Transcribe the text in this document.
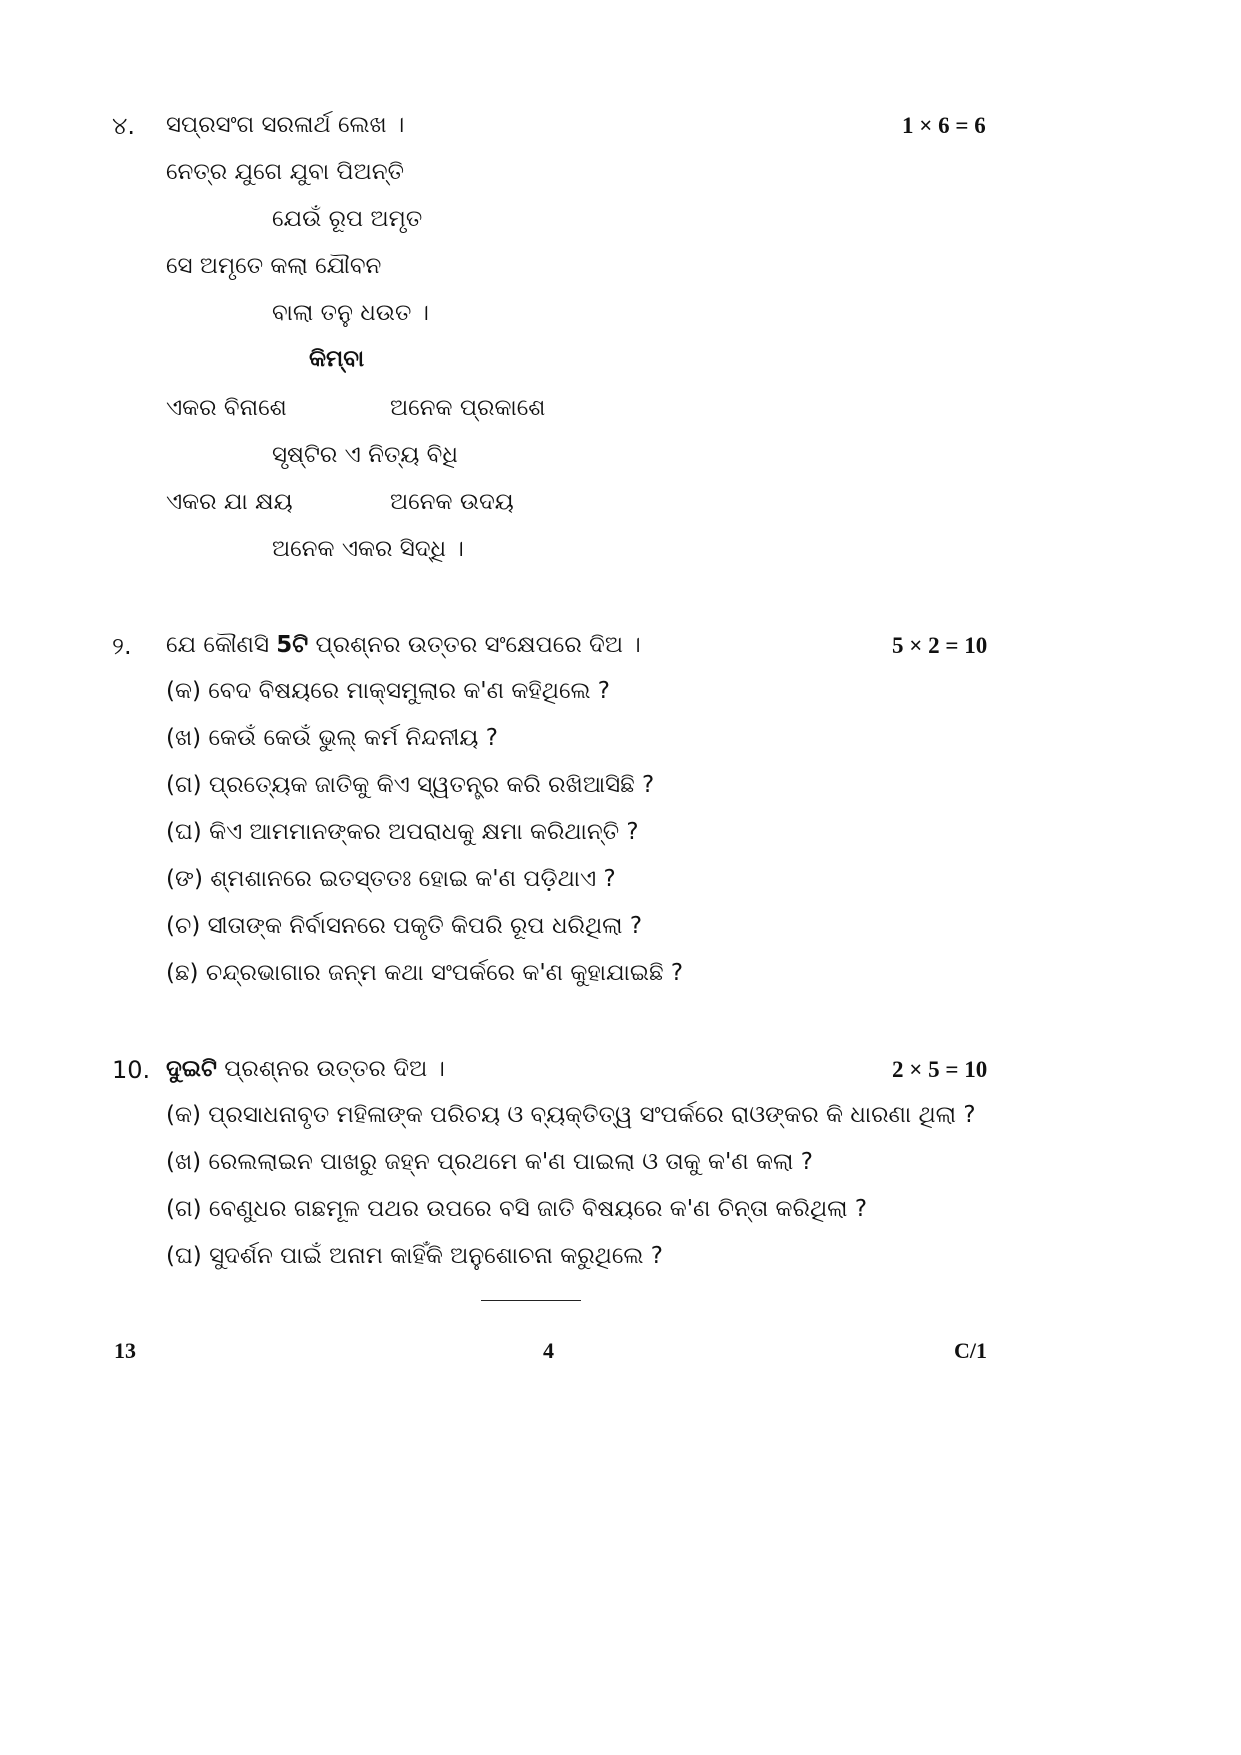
୪. ସପ୍ରସଂଗ ସରଳାର୍ଥ ଲେଖ ।	1 × 6 = 6
ନେତ୍ର ଯୁଗେ ଯୁବା ପିଅନ୍ତି
ଯେଉଁ ରୂପ ଅମୃତ
ସେ ଅମୃତେ କଲା ଯୌବନ
ବାଲା ତନୁ ଧଉତ ।
କିମ୍ବା
ଏକର ବିନାଶେ	ଅନେକ ପ୍ରକାଶେ
ସୃଷ୍ଟିର ଏ ନିତ୍ୟ ବିଧି
ଏକର ଯା କ୍ଷୟ	ଅନେକ ଉଦୟ
ଅନେକ ଏକର ସିଦ୍ଧି ।
୨. ଯେ କୌଣସି 5ଟି ପ୍ରଶ୍ନର ଉତ୍ତର ସଂକ୍ଷେପରେ ଦିଅ ।	5 × 2 = 10
(କ) ବେଦ ବିଷୟରେ ମାକ୍ସମୁଲାର କ'ଣ କହିଥିଲେ ?
(ଖ) କେଉଁ କେଉଁ ଭୁଲ୍ କର୍ମ ନିନ୍ଦନୀୟ ?
(ଗ) ପ୍ରତ୍ୟେକ ଜାତିକୁ କିଏ ସ୍ୱତନ୍ତ୍ର କରି ରଖିଆସିଛି ?
(ଘ) କିଏ ଆମମାନଙ୍କର ଅପରାଧକୁ କ୍ଷମା କରିଥାନ୍ତି ?
(ଙ) ଶ୍ମଶାନରେ ଇତସ୍ତତଃ ହୋଇ କ'ଣ ପଡ଼ିଥାଏ ?
(ଚ) ସୀତାଙ୍କ ନିର୍ବାସନରେ ପକୃତି କିପରି ରୂପ ଧରିଥିଲା ?
(ଛ) ଚନ୍ଦ୍ରଭାଗାର ଜନ୍ମ କଥା ସଂପର୍କରେ କ'ଣ କୁହାଯାଇଛି ?
10. ଦୁଇଟି ପ୍ରଶ୍ନର ଉତ୍ତର ଦିଅ ।	2 × 5 = 10
(କ) ପ୍ରସାଧନାବୃତ ମହିଳାଙ୍କ ପରିଚୟ ଓ ବ୍ୟକ୍ତିତ୍ୱ ସଂପର୍କରେ ରାଓଙ୍କର କି ଧାରଣା ଥିଲା ?
(ଖ) ରେଲଲାଇନ ପାଖରୁ ଜହ୍ନ ପ୍ରଥମେ କ'ଣ ପାଇଲା ଓ ତାକୁ କ'ଣ କଲା ?
(ଗ) ବେଣୁଧର ଗଛମୂଳ ପଥର ଉପରେ ବସି ଜାତି ବିଷୟରେ କ'ଣ ଚିନ୍ତା କରିଥିଲା ?
(ଘ) ସୁଦର୍ଶନ ପାଇଁ ଅନାମ କାହିଁକି ଅନୁଶୋଚନା କରୁଥିଲେ ?
13	4	C/1
